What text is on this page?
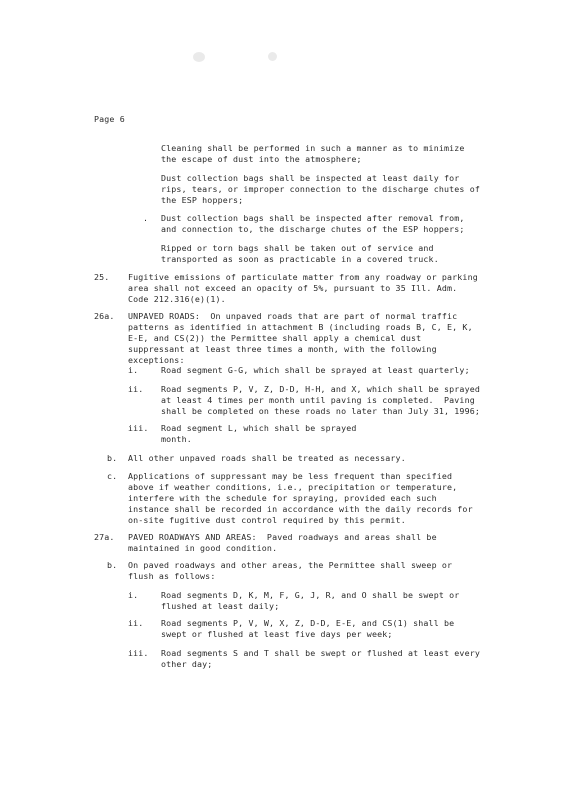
Page 6
Cleaning shall be performed in such a manner as to minimize
the escape of dust into the atmosphere;
Dust collection bags shall be inspected at least daily for
rips, tears, or improper connection to the discharge chutes of
the ESP hoppers;
. Dust collection bags shall be inspected after removal from,
and connection to, the discharge chutes of the ESP hoppers;
Ripped or torn bags shall be taken out of service and
transported as soon as practicable in a covered truck.
25. Fugitive emissions of particulate matter from any roadway or parking
area shall not exceed an opacity of 5%, pursuant to 35 Ill. Adm.
Code 212.316(e)(1).
26a. UNPAVED ROADS:  On unpaved roads that are part of normal traffic
patterns as identified in attachment B (including roads B, C, E, K,
E-E, and CS(2)) the Permittee shall apply a chemical dust
suppressant at least three times a month, with the following
exceptions:
i.	Road segment G-G, which shall be sprayed at least quarterly;
ii. Road segments P, V, Z, D-D, H-H, and X, which shall be sprayed
at least 4 times per month until paving is completed.  Paving
shall be completed on these roads no later than July 31, 1996;
iii. Road segment L, which shall be sprayed
month.
b. All other unpaved roads shall be treated as necessary.
c. Applications of suppressant may be less frequent than specified
above if weather conditions, i.e., precipitation or temperature,
interfere with the schedule for spraying, provided each such
instance shall be recorded in accordance with the daily records for
on-site fugitive dust control required by this permit.
27a. PAVED ROADWAYS AND AREAS:  Paved roadways and areas shall be
maintained in good condition.
b. On paved roadways and other areas, the Permittee shall sweep or
flush as follows:
i.	Road segments D, K, M, F, G, J, R, and O shall be swept or
flushed at least daily;
ii. Road segments P, V, W, X, Z, D-D, E-E, and CS(1) shall be
swept or flushed at least five days per week;
iii. Road segments S and T shall be swept or flushed at least every
other day;
